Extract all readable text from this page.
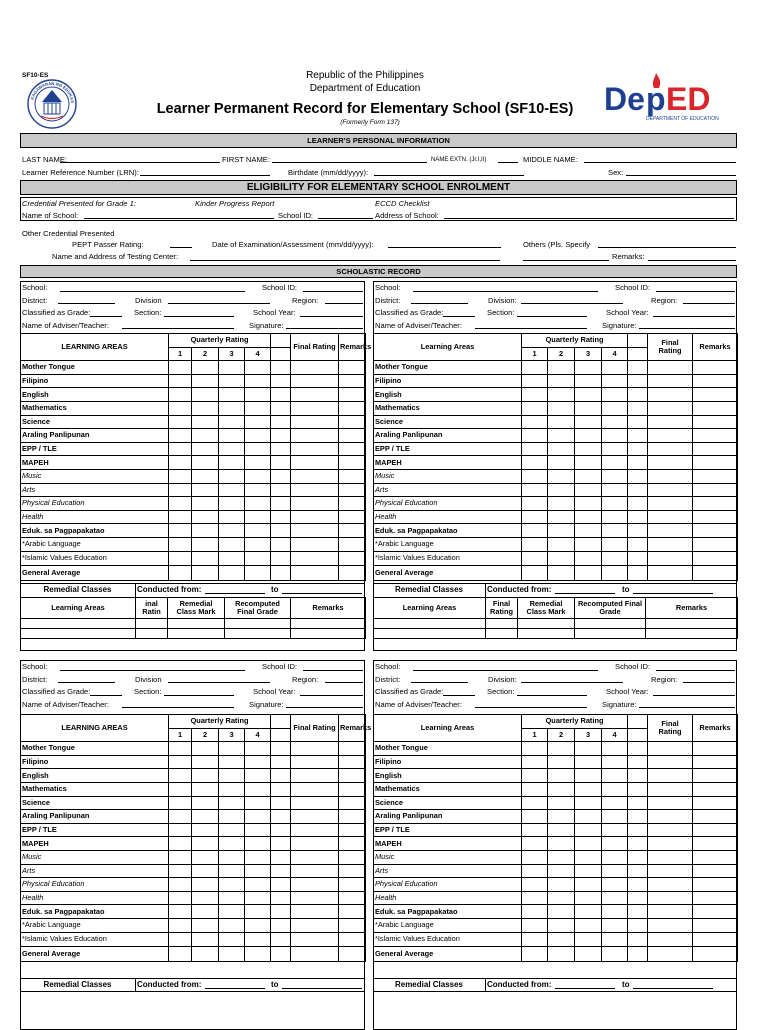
SF10-ES
KAGAWARAN NG EDUKAS
Republic of the Philippines
Department of Education
Learner Permanent Record for Elementary School (SF10-ES)
(Formerly Form 137)
De p ED
DEPARTMENT OF EDUCATION
LEARNER'S PERSONAL INFORMATION
LAST NAME:	FIRST NAME:	NAME EXTN. (Jr,I,II)	MIDDLE NAME:
Learner Reference Number (LRN):	Birthdate (mm/dd/yyyy):	Sex:
ELIGIBILITY FOR ELEMENTARY SCHOOL ENROLMENT
Credential Presented for Grade 1:	Kinder Progress Report	ECCD Checklist
Name of School:	School ID:	Address of School:
Other Credential Presented
PEPT Passer Rating:	Date of Examination/Assessment (mm/dd/yyyy):	Others (Pls. Specify
Name and Address of Testing Center:	Remarks:
SCHOLASTIC RECORD
School:	School ID:
District:	Division	Region:
Classified as Grade:	Section:	School Year:
Name of Adviser/Teacher:	Signature:
LEARNING AREAS	Quarterly Rating					Final Rating	Remarks
	1	2	3	4			
Mother Tongue							
Filipino							
English							
Mathematics							
Science							
Araling Panlipunan							
EPP / TLE							
MAPEH							
Music							
Arts							
Physical Education							
Health							
Eduk. sa Pagpapakatao							
*Arabic Language							
*Islamic Values Education							
General Average							
Remedial Classes	Conducted from:	to
Learning Areas	inal Ratin	Remedial Class Mark	Recomputed Final Grade	Remarks

School:	School ID:
District:	Division:	Region:
Classified as Grade:	Section:	School Year:
Name of Adviser/Teacher:	Signature:
Learning Areas	Quarterly Rating					Final Rating	Remarks
	1	2	3	4			
Mother Tongue							
Filipino							
English							
Mathematics							
Science							
Araling Panlipunan							
EPP / TLE							
MAPEH							
Music							
Arts							
Physical Education							
Health							
Eduk. sa Pagpapakatao							
*Arabic Language							
*Islamic Values Education							
General Average							
Remedial Classes	Conducted from:	to
Learning Areas	Final Rating	Remedial Class Mark	Recomputed Final Grade	Remarks

School:	School ID:
District:	Division	Region:
Classified as Grade:	Section:	School Year:
Name of Adviser/Teacher:	Signature:
LEARNING AREAS	Quarterly Rating					Final Rating	Remarks
	1	2	3	4			
Mother Tongue							
Filipino							
English							
Mathematics							
Science							
Araling Panlipunan							
EPP / TLE							
MAPEH							
Music							
Arts							
Physical Education							
Health							
Eduk. sa Pagpapakatao							
*Arabic Language							
*Islamic Values Education							
General Average							
Remedial Classes	Conducted from:	to
School:	School ID:
District:	Division:	Region:
Classified as Grade:	Section:	School Year:
Name of Adviser/Teacher:	Signature:
Learning Areas	Quarterly Rating					Final Rating	Remarks
	1	2	3	4			
Mother Tongue							
Filipino							
English							
Mathematics							
Science							
Araling Panlipunan							
EPP / TLE							
MAPEH							
Music							
Arts							
Physical Education							
Health							
Eduk. sa Pagpapakatao							
*Arabic Language							
*Islamic Values Education							
General Average							
Remedial Classes	Conducted from:	to
